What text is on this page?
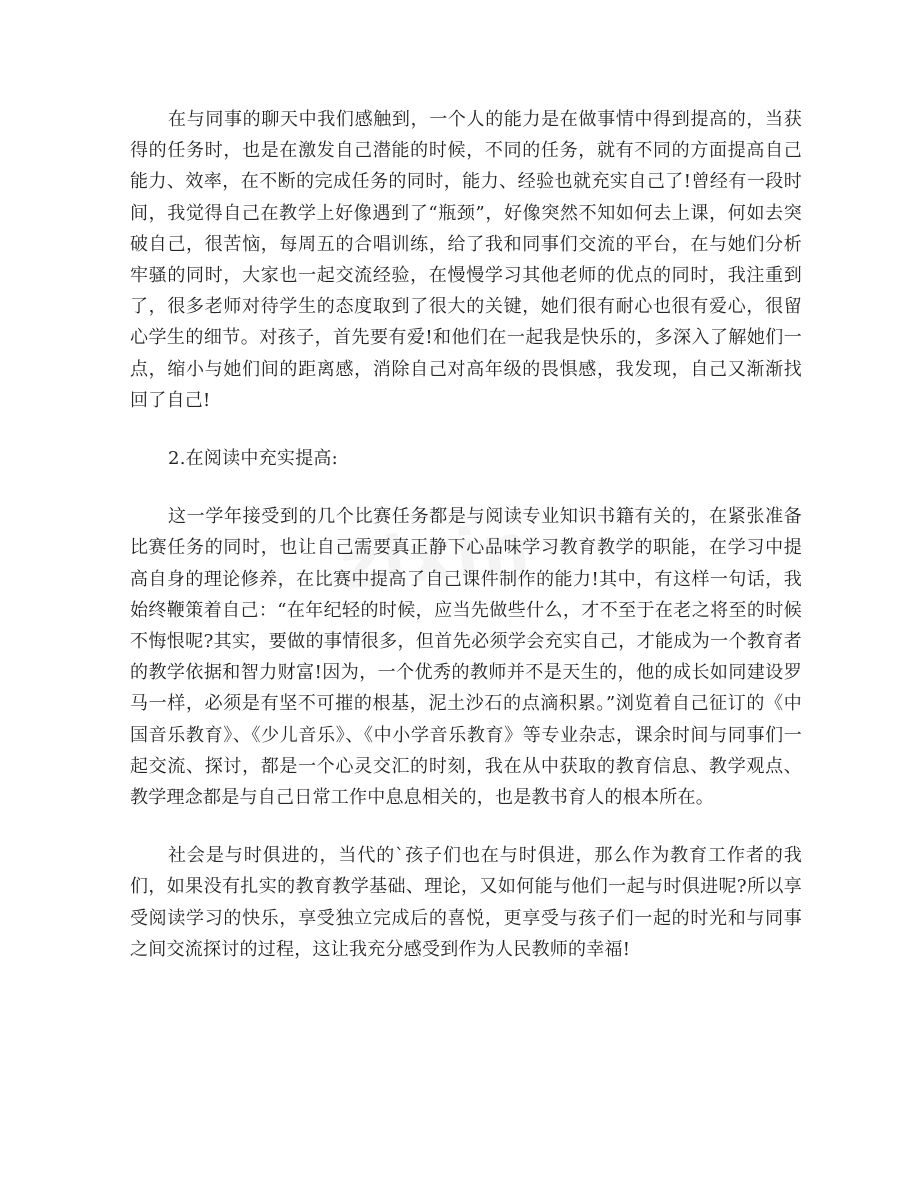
zixin

在与同事的聊天中我们感触到，一个人的能力是在做事情中得到提高的，当获得的任务时，也是在激发自己潜能的时候，不同的任务，就有不同的方面提高自己能力、效率，在不断的完成任务的同时，能力、经验也就充实自己了!曾经有一段时间，我觉得自己在教学上好像遇到了“瓶颈”，好像突然不知如何去上课，何如去突破自己，很苦恼，每周五的合唱训练，给了我和同事们交流的平台，在与她们分析牢骚的同时，大家也一起交流经验，在慢慢学习其他老师的优点的同时，我注重到了，很多老师对待学生的态度取到了很大的关键，她们很有耐心也很有爱心，很留心学生的细节。对孩子，首先要有爱!和他们在一起我是快乐的，多深入了解她们一点，缩小与她们间的距离感，消除自己对高年级的畏惧感，我发现，自己又渐渐找回了自己!

2.在阅读中充实提高:

这一学年接受到的几个比赛任务都是与阅读专业知识书籍有关的，在紧张准备比赛任务的同时，也让自己需要真正静下心品味学习教育教学的职能，在学习中提高自身的理论修养，在比赛中提高了自己课件制作的能力!其中，有这样一句话，我始终鞭策着自己：“在年纪轻的时候，应当先做些什么，才不至于在老之将至的时候不悔恨呢?其实，要做的事情很多，但首先必须学会充实自己，才能成为一个教育者的教学依据和智力财富!因为，一个优秀的教师并不是天生的，他的成长如同建设罗马一样，必须是有坚不可摧的根基，泥土沙石的点滴积累。”浏览着自己征订的《中国音乐教育》、《少儿音乐》、《中小学音乐教育》等专业杂志，课余时间与同事们一起交流、探讨，都是一个心灵交汇的时刻，我在从中获取的教育信息、教学观点、教学理念都是与自己日常工作中息息相关的，也是教书育人的根本所在。

社会是与时俱进的，当代的`孩子们也在与时俱进，那么作为教育工作者的我们，如果没有扎实的教育教学基础、理论，又如何能与他们一起与时俱进呢?所以享受阅读学习的快乐，享受独立完成后的喜悦，更享受与孩子们一起的时光和与同事之间交流探讨的过程，这让我充分感受到作为人民教师的幸福!
